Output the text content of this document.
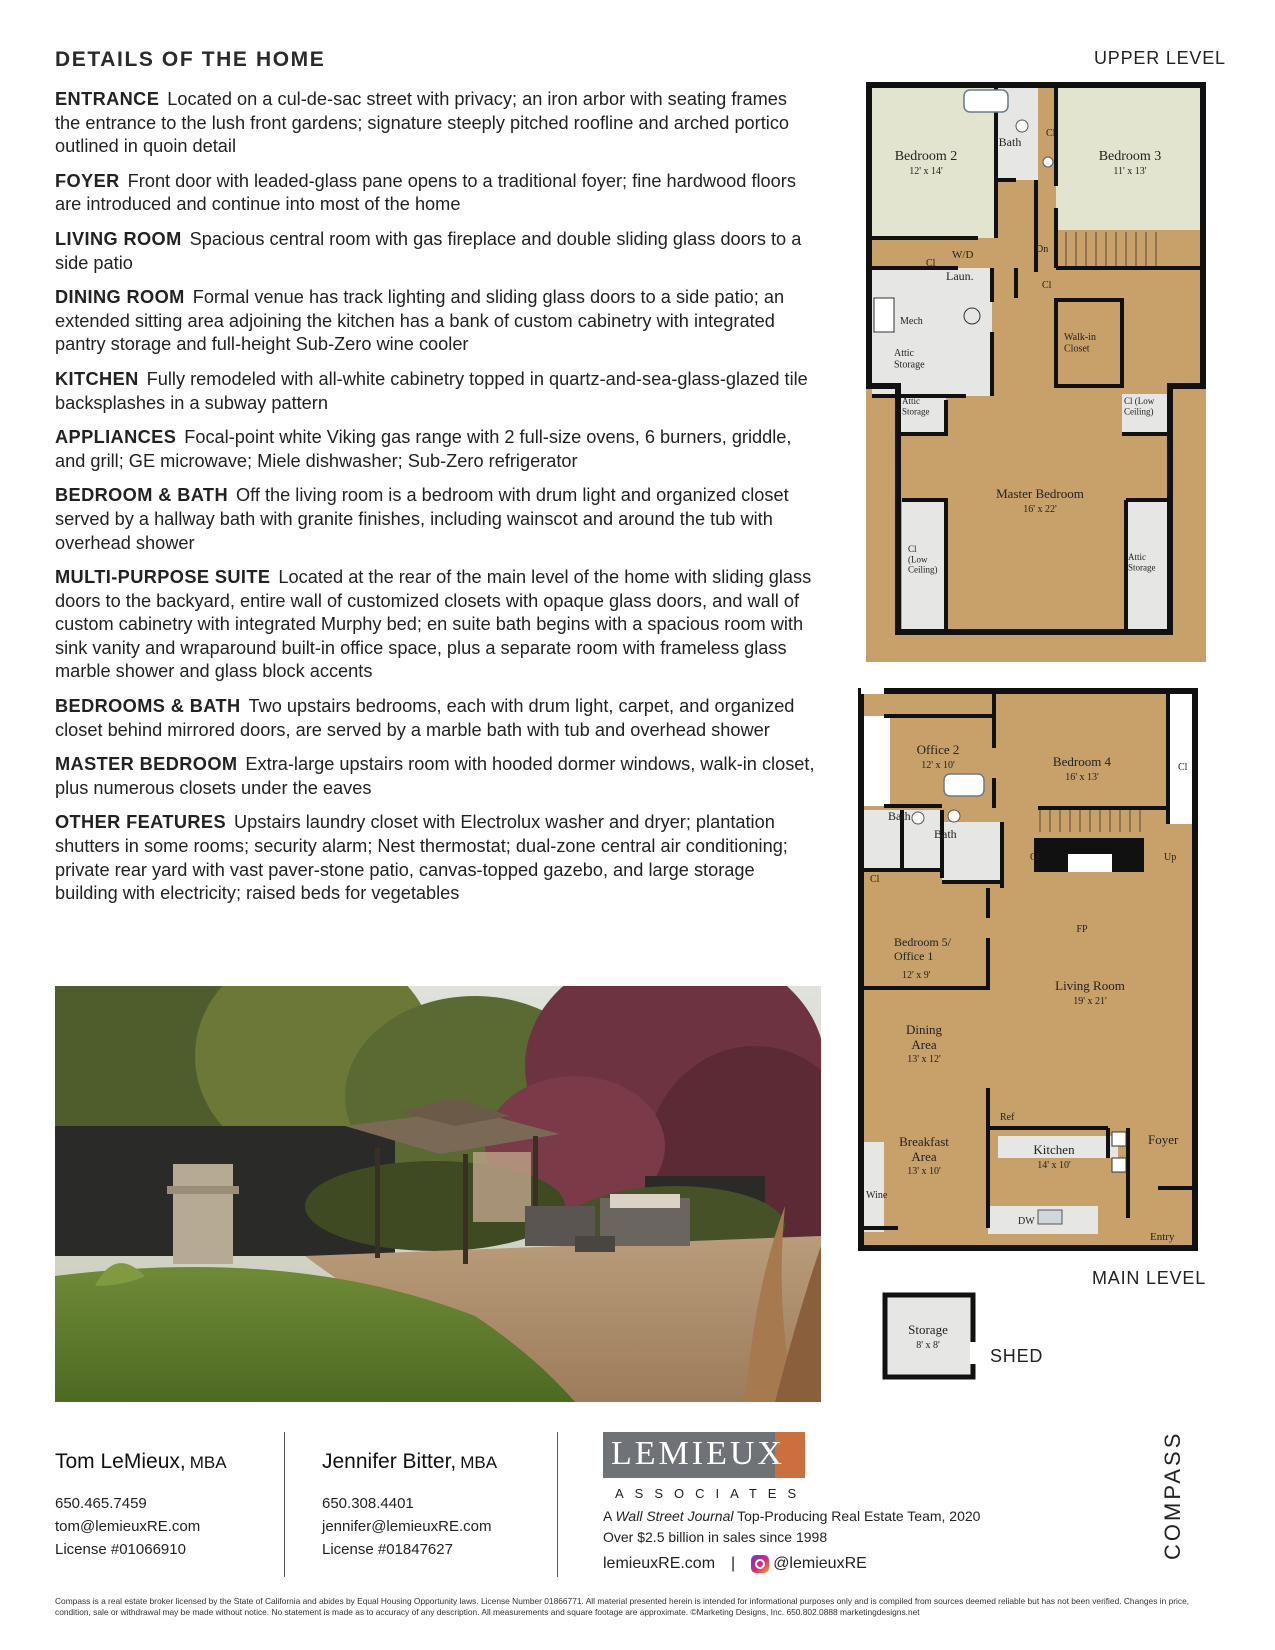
DETAILS OF THE HOME

ENTRANCE Located on a cul-de-sac street with privacy; an iron arbor with seating frames the entrance to the lush front gardens; signature steeply pitched roofline and arched portico outlined in quoin detail

FOYER Front door with leaded-glass pane opens to a traditional foyer; fine hardwood floors are introduced and continue into most of the home

LIVING ROOM Spacious central room with gas fireplace and double sliding glass doors to a side patio

DINING ROOM Formal venue has track lighting and sliding glass doors to a side patio; an extended sitting area adjoining the kitchen has a bank of custom cabinetry with integrated pantry storage and full-height Sub-Zero wine cooler

KITCHEN Fully remodeled with all-white cabinetry topped in quartz-and-sea-glass-glazed tile backsplashes in a subway pattern

APPLIANCES Focal-point white Viking gas range with 2 full-size ovens, 6 burners, griddle, and grill; GE microwave; Miele dishwasher; Sub-Zero refrigerator

BEDROOM & BATH Off the living room is a bedroom with drum light and organized closet served by a hallway bath with granite finishes, including wainscot and around the tub with overhead shower

MULTI-PURPOSE SUITE Located at the rear of the main level of the home with sliding glass doors to the backyard, entire wall of customized closets with opaque glass doors, and wall of custom cabinetry with integrated Murphy bed; en suite bath begins with a spacious room with sink vanity and wraparound built-in office space, plus a separate room with frameless glass marble shower and glass block accents

BEDROOMS & BATH Two upstairs bedrooms, each with drum light, carpet, and organized closet behind mirrored doors, are served by a marble bath with tub and overhead shower

MASTER BEDROOM Extra-large upstairs room with hooded dormer windows, walk-in closet, plus numerous closets under the eaves

OTHER FEATURES Upstairs laundry closet with Electrolux washer and dryer; plantation shutters in some rooms; security alarm; Nest thermostat; dual-zone central air conditioning; private rear yard with vast paver-stone patio, canvas-topped gazebo, and large storage building with electricity; raised beds for vegetables

UPPER LEVEL
Bedroom 2
12' x 14'
Bedroom 3
11' x 13'
Bath
Cl
Cl
W/D
Laun.
Dn
Cl
Mech
Attic Storage
Walk-in Closet
Attic Storage
Cl (Low Ceiling)
Master Bedroom
16' x 22'
Cl (Low Ceiling)
Attic Storage
Office 2
12' x 10'	Bedroom 4
16' x 13'
Cl
Bath
Bath
Cl
Cl
Up
FP
Bedroom 5/ Office 1
12' x 9'
Living Room
19' x 21'
Dining Area
13' x 12'
Ref
Breakfast Area
13' x 10'
Kitchen
14' x 10'
Foyer
Wine
DW
Entry
MAIN LEVEL
Storage
8' x 8'
SHED
Tom LeMieux, MBA
650.465.7459
tom@lemieuxRE.com
License #01066910
Jennifer Bitter, MBA
650.308.4401
jennifer@lemieuxRE.com
License #01847627
LEMIEUX
ASSOCIATES
A Wall Street Journal Top-Producing Real Estate Team, 2020
Over $2.5 billion in sales since 1998
lemieuxRE.com | @lemieuxRE
COMPASS
Compass is a real estate broker licensed by the State of California and abides by Equal Housing Opportunity laws. License Number 01866771. All material presented herein is intended for informational purposes only and is compiled from sources deemed reliable but has not been verified. Changes in price, condition, sale or withdrawal may be made without notice. No statement is made as to accuracy of any description. All measurements and square footage are approximate. ©Marketing Designs, Inc. 650.802.0888 marketingdesigns.net
